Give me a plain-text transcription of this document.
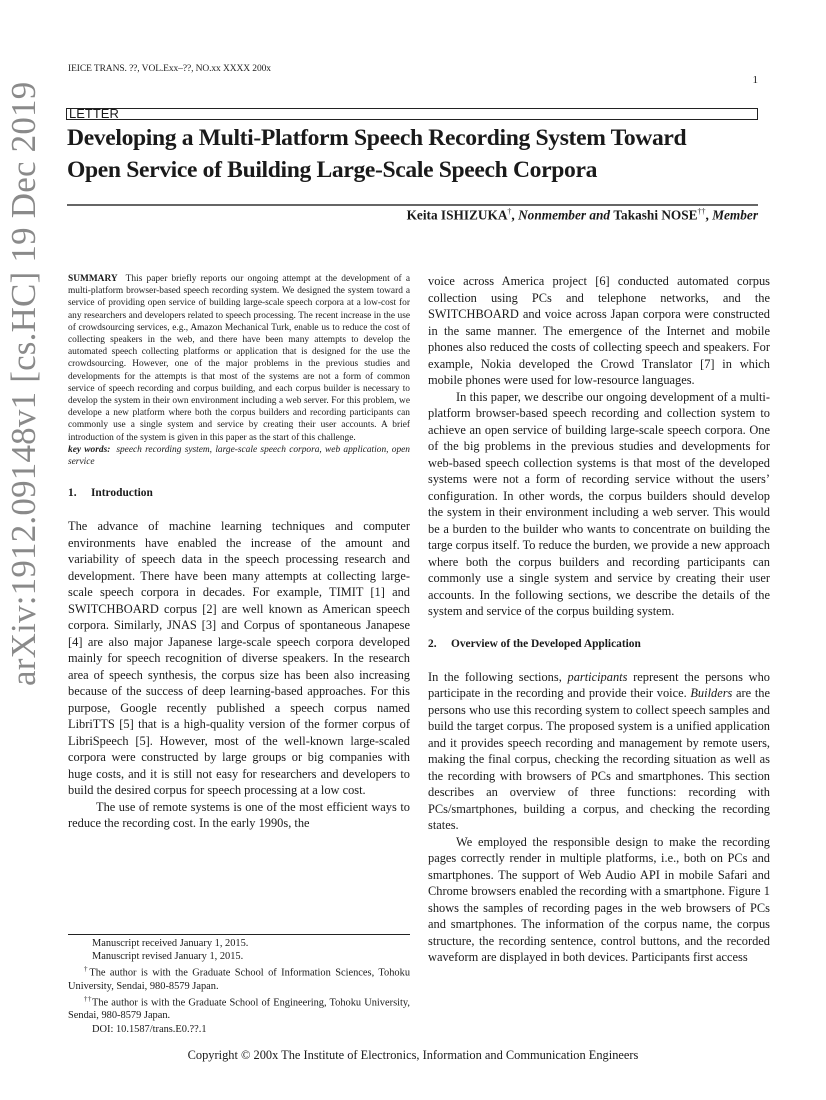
IEICE TRANS. ??, VOL.Exx–??, NO.xx XXXX 200x
1
LETTER
Developing a Multi-Platform Speech Recording System Toward
Open Service of Building Large-Scale Speech Corpora
Keita ISHIZUKA†, Nonmember and Takashi NOSE††, Member
arXiv:1912.09148v1 [cs.HC] 19 Dec 2019	SUMMARY This paper briefly reports our ongoing attempt at the development of a multi-platform browser-based speech recording system. We designed the system toward a service of providing open service of building large-scale speech corpora at a low-cost for any researchers and developers related to speech processing. The recent increase in the use of crowdsourcing services, e.g., Amazon Mechanical Turk, enable us to reduce the cost of collecting speakers in the web, and there have been many attempts to develop the automated speech collecting platforms or application that is designed for the use the crowdsourcing. However, one of the major problems in the previous studies and developments for the attempts is that most of the systems are not a form of common service of speech recording and corpus building, and each corpus builder is necessary to develop the system in their own environment including a web server. For this problem, we develope a new platform where both the corpus builders and recording participants can commonly use a single system and service by creating their user accounts. A brief introduction of the system is given in this paper as the start of this challenge.
key words: speech recording system, large-scale speech corpora, web application, open service
1. Introduction

The advance of machine learning techniques and computer environments have enabled the increase of the amount and variability of speech data in the speech processing research and development. There have been many attempts at collecting large-scale speech corpora in decades. For example, TIMIT [1] and SWITCHBOARD corpus [2] are well known as American speech corpora. Similarly, JNAS [3] and Corpus of spontaneous Janapese [4] are also major Japanese large-scale speech corpora developed mainly for speech recognition of diverse speakers. In the research area of speech synthesis, the corpus size has been also increasing because of the success of deep learning-based approaches. For this purpose, Google recently published a speech corpus named LibriTTS [5] that is a high-quality version of the former corpus of LibriSpeech [5]. However, most of the well-known large-scaled corpora were constructed by large groups or big companies with huge costs, and it is still not easy for researchers and developers to build the desired corpus for speech processing at a low cost.

The use of remote systems is one of the most efficient ways to reduce the recording cost. In the early 1990s, the

Manuscript received January 1, 2015.
Manuscript revised January 1, 2015.
†The author is with the Graduate School of Information Sciences, Tohoku University, Sendai, 980-8579 Japan.
††The author is with the Graduate School of Engineering, Tohoku University, Sendai, 980-8579 Japan.
DOI: 10.1587/trans.E0.??.1

voice across America project [6] conducted automated corpus collection using PCs and telephone networks, and the SWITCHBOARD and voice across Japan corpora were constructed in the same manner. The emergence of the Internet and mobile phones also reduced the costs of collecting speech and speakers. For example, Nokia developed the Crowd Translator [7] in which mobile phones were used for low-resource languages.

In this paper, we describe our ongoing development of a multi-platform browser-based speech recording and collection system to achieve an open service of building large-scale speech corpora. One of the big problems in the previous studies and developments for web-based speech collection systems is that most of the developed systems were not a form of recording service without the users’ configuration. In other words, the corpus builders should develop the system in their environment including a web server. This would be a burden to the builder who wants to concentrate on building the targe corpus itself. To reduce the burden, we provide a new approach where both the corpus builders and recording participants can commonly use a single system and service by creating their user accounts. In the following sections, we describe the details of the system and service of the corpus building system.

2. Overview of the Developed Application

In the following sections, participants represent the persons who participate in the recording and provide their voice. Builders are the persons who use this recording system to collect speech samples and build the target corpus. The proposed system is a unified application and it provides speech recording and management by remote users, making the final corpus, checking the recording situation as well as the recording with browsers of PCs and smartphones. This section describes an overview of three functions: recording with PCs/smartphones, building a corpus, and checking the recording states.

We employed the responsible design to make the recording pages correctly render in multiple platforms, i.e., both on PCs and smartphones. The support of Web Audio API in mobile Safari and Chrome browsers enabled the recording with a smartphone. Figure 1 shows the samples of recording pages in the web browsers of PCs and smartphones. The information of the corpus name, the corpus structure, the recording sentence, control buttons, and the recorded waveform are displayed in both devices. Participants first access

Copyright © 200x The Institute of Electronics, Information and Communication Engineers
